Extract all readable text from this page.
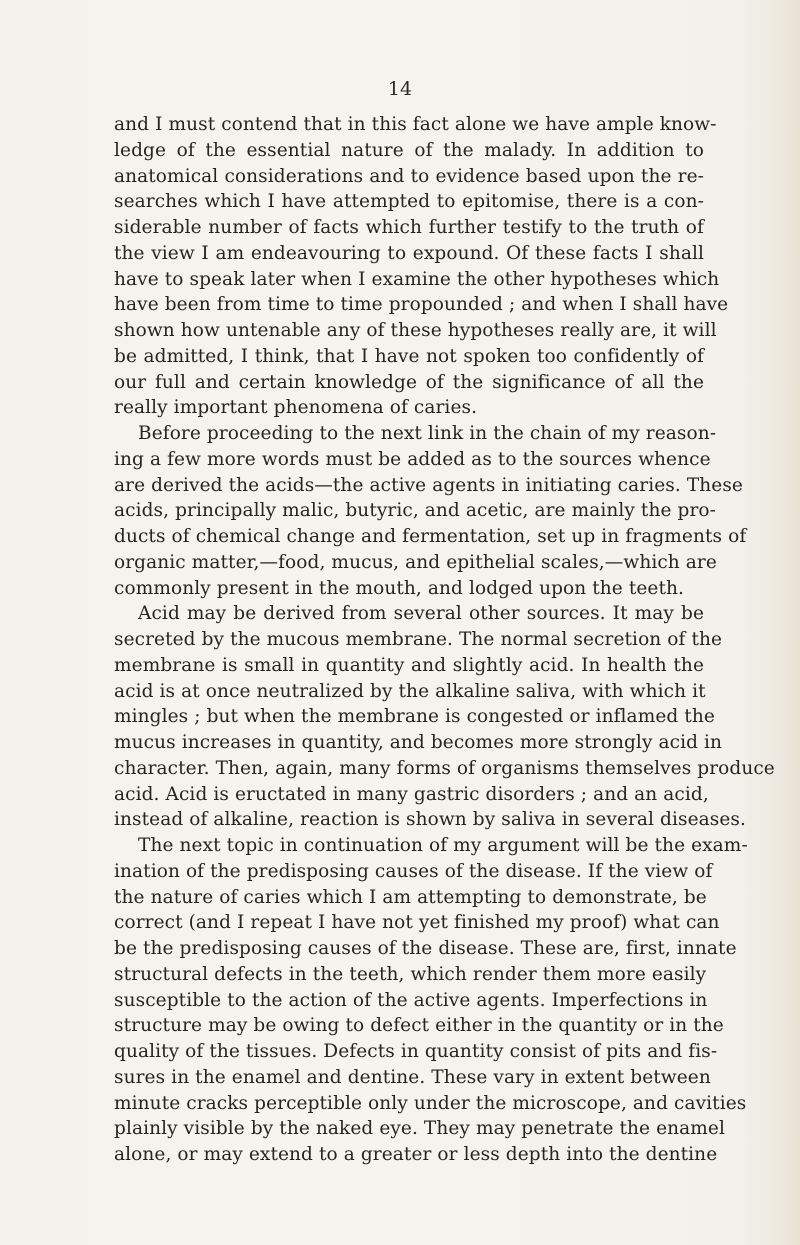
14
and I must contend that in this fact alone we have ample know-
ledge of the essential nature of the malady. In addition to
anatomical considerations and to evidence based upon the re-
searches which I have attempted to epitomise, there is a con-
siderable number of facts which further testify to the truth of
the view I am endeavouring to expound. Of these facts I shall
have to speak later when I examine the other hypotheses which
have been from time to time propounded ; and when I shall have
shown how untenable any of these hypotheses really are, it will
be admitted, I think, that I have not spoken too confidently of
our full and certain knowledge of the significance of all the
really important phenomena of caries.
Before proceeding to the next link in the chain of my reason-
ing a few more words must be added as to the sources whence
are derived the acids—the active agents in initiating caries. These
acids, principally malic, butyric, and acetic, are mainly the pro-
ducts of chemical change and fermentation, set up in fragments of
organic matter,—food, mucus, and epithelial scales,—which are
commonly present in the mouth, and lodged upon the teeth.
Acid may be derived from several other sources. It may be
secreted by the mucous membrane. The normal secretion of the
membrane is small in quantity and slightly acid. In health the
acid is at once neutralized by the alkaline saliva, with which it
mingles ; but when the membrane is congested or inflamed the
mucus increases in quantity, and becomes more strongly acid in
character. Then, again, many forms of organisms themselves produce
acid. Acid is eructated in many gastric disorders ; and an acid,
instead of alkaline, reaction is shown by saliva in several diseases.
The next topic in continuation of my argument will be the exam-
ination of the predisposing causes of the disease. If the view of
the nature of caries which I am attempting to demonstrate, be
correct (and I repeat I have not yet finished my proof) what can
be the predisposing causes of the disease. These are, first, innate
structural defects in the teeth, which render them more easily
susceptible to the action of the active agents. Imperfections in
structure may be owing to defect either in the quantity or in the
quality of the tissues. Defects in quantity consist of pits and fis-
sures in the enamel and dentine. These vary in extent between
minute cracks perceptible only under the microscope, and cavities
plainly visible by the naked eye. They may penetrate the enamel
alone, or may extend to a greater or less depth into the dentine
